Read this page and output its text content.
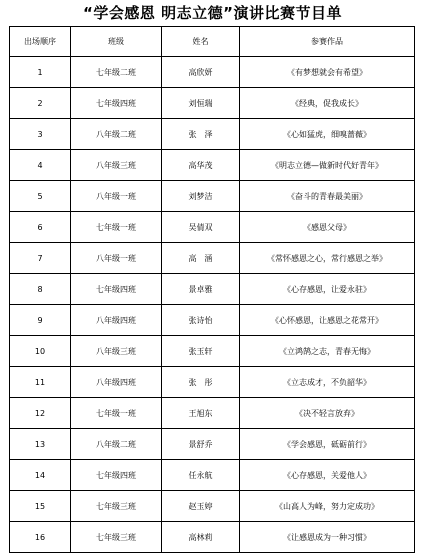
“学会感恩 明志立德”演讲比赛节目单
出场顺序	班级	姓名	参赛作品
1	七年级二班	高欣妍	《有梦想就会有希望》
2	七年级四班	刘恒瑞	《经典，促我成长》
3	八年级二班	张　泽	《心如猛虎，细嗅蔷薇》
4	八年级三班	高华茂	《明志立德—做新时代好青年》
5	八年级一班	刘梦洁	《奋斗的青春最美丽》
6	七年级一班	吴倩双	《感恩父母》
7	八年级一班	高　涵	《常怀感恩之心，常行感恩之举》
8	七年级四班	景卓雅	《心存感恩，让爱永驻》
9	八年级四班	张诗怡	《心怀感恩，让感恩之花常开》
10	八年级三班	张玉轩	《立鸿鹄之志，青春无悔》
11	八年级四班	张　彤	《立志成才，不负韶华》
12	七年级一班	王旭东	《决不轻言放弃》
13	八年级二班	景舒乔	《学会感恩，砥砺前行》
14	七年级四班	任永航	《心存感恩，关爱他人》
15	七年级三班	赵玉婷	《山高人为峰，努力定成功》
16	七年级三班	高林莉	《让感恩成为一种习惯》
